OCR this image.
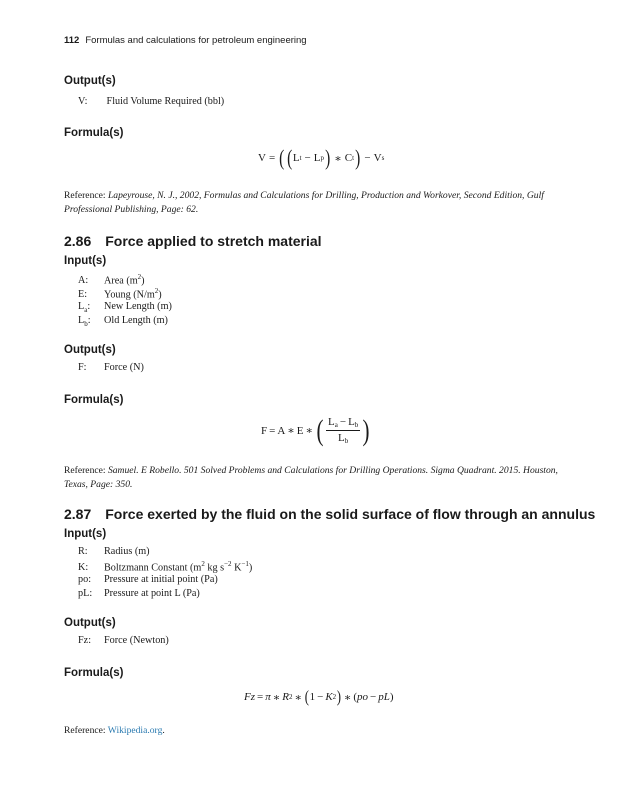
112 Formulas and calculations for petroleum engineering
Output(s)
V: Fluid Volume Required (bbl)
Formula(s)
V = ( ( L t − L p ) ∗ C t ) − V s
Reference: Lapeyrouse, N. J., 2002, Formulas and Calculations for Drilling, Production and Workover, Second Edition, Gulf Professional Publishing, Page: 62.
2.86 Force applied to stretch material
Input(s)
A: Area $(m^2)$
E: Young $(N/m^2)$
$L_a$: New Length (m)
$L_b$: Old Length (m)
Output(s)
F: Force (N)
Formula(s)
F = A ∗ E ∗ ( $\frac{L_a - L_b}{L_b}$ )
Reference: Samuel. E Robello. 501 Solved Problems and Calculations for Drilling Operations. Sigma Quadrant. 2015. Houston, Texas, Page: 350.
2.87 Force exerted by the fluid on the solid surface of flow through an annulus
Input(s)
R: Radius (m)
K: Boltzmann Constant ($m^2$ kg $s^{-2}$ $K^{-1}$)
po: Pressure at initial point (Pa)
pL: Pressure at point L (Pa)
Output(s)
Fz: Force (Newton)
Formula(s)
Fz = π ∗ R 2 ∗ ( 1 − K 2 ) ∗ ( po − pL )
Reference: Wikipedia.org.
